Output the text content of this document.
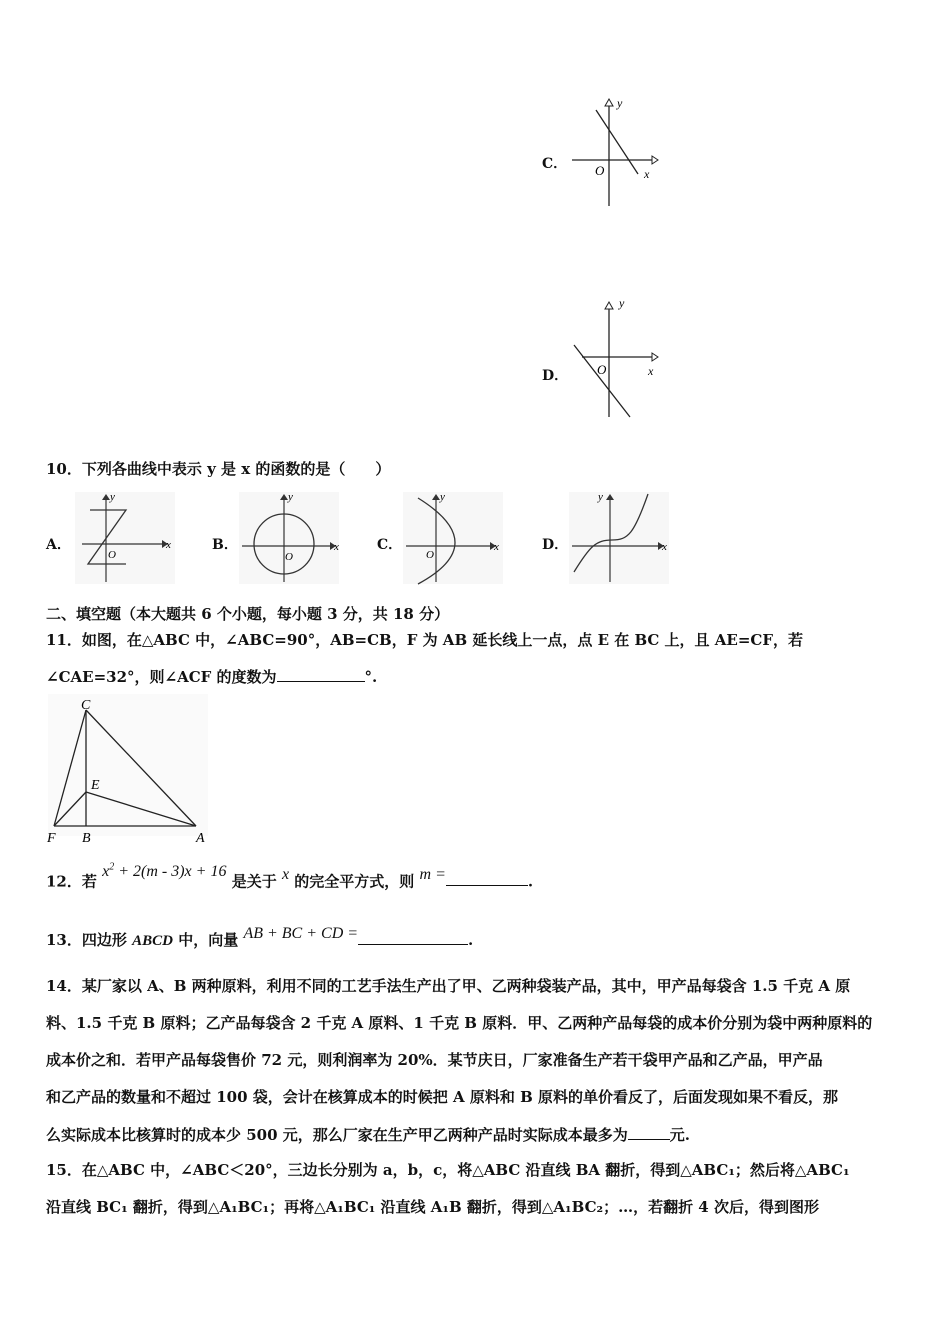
C．
y
x
O
D．
y
x
O
10．下列各曲线中表示 y 是 x 的函数的是（　　）
A．
y
x
O
B．
y
x
O
C．
y
x
O
D．
y
x
二、填空题（本大题共 6 个小题，每小题 3 分，共 18 分）
11．如图，在△ABC 中，∠ABC=90°，AB=CB，F 为 AB 延长线上一点，点 E 在 BC 上，且 AE=CF，若
∠CAE=32°，则∠ACF 的度数为	°.
C
E
F B	A
12．若 $x^2 + 2(m - 3)x + 16$ 是关于 x 的完全平方式，则 m =	.
13．四边形 ABCD 中，向量 AB + BC + CD =	.
14．某厂家以 A、B 两种原料，利用不同的工艺手法生产出了甲、乙两种袋装产品，其中，甲产品每袋含 1.5 千克 A 原
料、1.5 千克 B 原料；乙产品每袋含 2 千克 A 原料、1 千克 B 原料．甲、乙两种产品每袋的成本价分别为袋中两种原料的
成本价之和．若甲产品每袋售价 72 元，则利润率为 20%．某节庆日，厂家准备生产若干袋甲产品和乙产品，甲产品
和乙产品的数量和不超过 100 袋，会计在核算成本的时候把 A 原料和 B 原料的单价看反了，后面发现如果不看反，那
么实际成本比核算时的成本少 500 元，那么厂家在生产甲乙两种产品时实际成本最多为	元.
15．在△ABC 中，∠ABC＜20°，三边长分别为 a，b，c，将△ABC 沿直线 BA 翻折，得到△ABC₁；然后将△ABC₁
沿直线 BC₁ 翻折，得到△A₁BC₁；再将△A₁BC₁ 沿直线 A₁B 翻折，得到△A₁BC₂；…，若翻折 4 次后，得到图形
